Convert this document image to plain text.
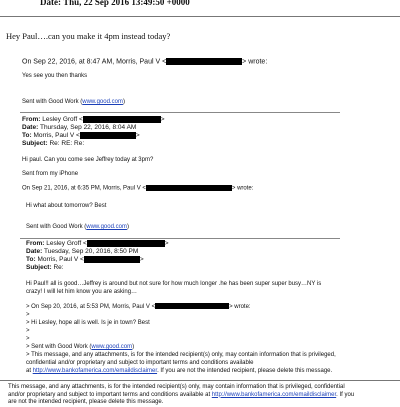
Date: Thu, 22 Sep 2016 13:49:50 +0000
Hey Paul….can you make it 4pm instead today?
On Sep 22, 2016, at 8:47 AM, Morris, Paul V <	> wrote:
Yes see you then thanks
Sent with Good Work (www.good.com)
From: Lesley Groff <	>
Date: Thursday, Sep 22, 2016, 8:04 AM
To: Morris, Paul V <	>
Subject: Re: RE: Re:
Hi paul. Can you come see Jeffrey today at 3pm?
Sent from my iPhone
On Sep 21, 2016, at 6:35 PM, Morris, Paul V <	> wrote:
Hi what about tomorrow? Best
Sent with Good Work (www.good.com)
From: Lesley Groff <	>
Date: Tuesday, Sep 20, 2016, 8:50 PM
To: Morris, Paul V <	>
Subject: Re:
Hi Paul!! all is good…Jeffrey is around but not sure for how much longer .he has been super super busy…NY is
crazy! I will let him know you are asking…
> On Sep 20, 2016, at 5:53 PM, Morris, Paul V <	> wrote:
>
> Hi Lesley, hope all is well. Is je in town? Best
>
>
> Sent with Good Work (www.good.com)
> This message, and any attachments, is for the intended recipient(s) only, may contain information that is privileged,
confidential and/or proprietary and subject to important terms and conditions available
at http://www.bankofamerica.com/emaildisclaimer. If you are not the intended recipient, please delete this message.
This message, and any attachments, is for the intended recipient(s) only, may contain information that is privileged, confidential
and/or proprietary and subject to important terms and conditions available at http://www.bankofamerica.com/emaildisclaimer. If you
are not the intended recipient, please delete this message.
